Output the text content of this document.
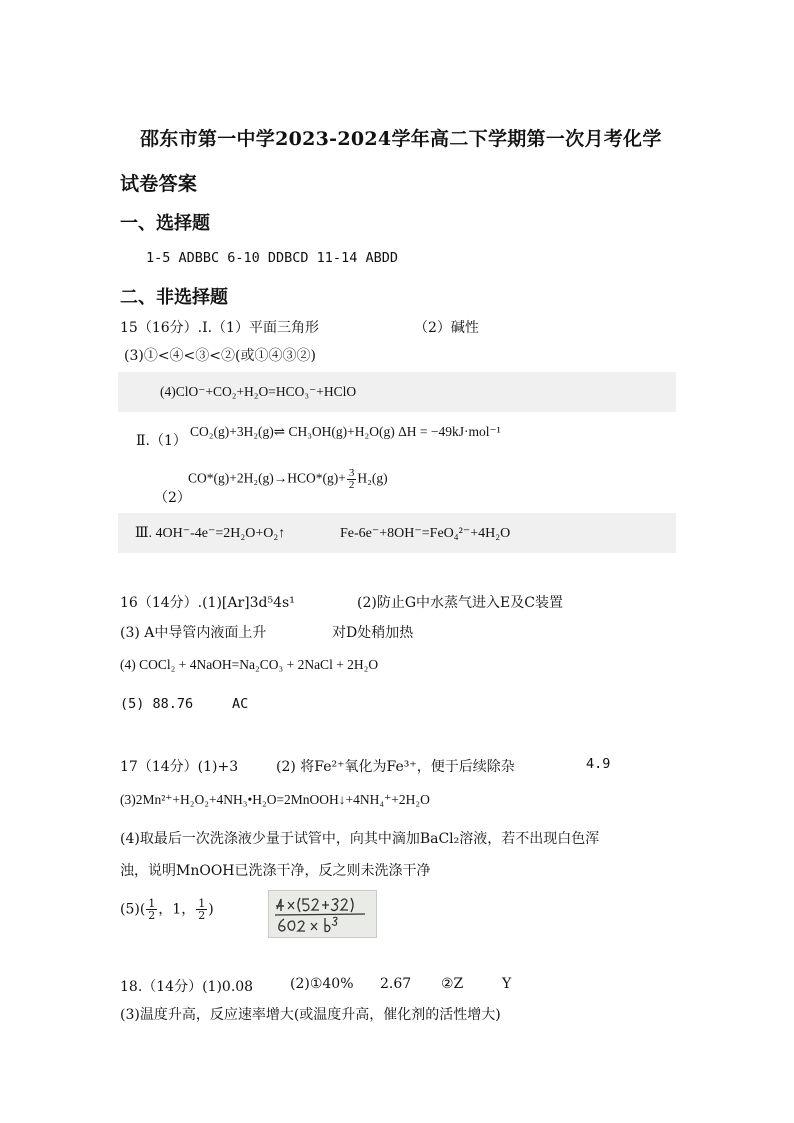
邵东市第一中学2023-2024学年高二下学期第一次月考化学
试卷答案
一、选择题
1-5 ADBBC 6-10 DDBCD 11-14 ABDD
二、非选择题
15（16分）.Ⅰ.（1）平面三角形	（2）碱性
(3)①<④<③<②(或①④③②)
(4)ClO⁻+CO₂+H₂O=HCO₃⁻+HClO
Ⅱ.（1）
CO₂(g)+3H₂(g)⇌ CH₃OH(g)+H₂O(g) ΔH = −49kJ·mol⁻¹
（2）
$CO*(g)+2H_2(g)\to HCO*(g)+ \frac{3}{2} H_2(g)$
Ⅲ. 4OH⁻-4e⁻=2H₂O+O₂↑	Fe-6e⁻+8OH⁻=FeO₄²⁻+4H₂O
16（14分）.(1)[Ar]3d⁵4s¹	(2)防止G中水蒸气进入E及C装置
(3) A中导管内液面上升	对D处稍加热
(4) COCl₂ + 4NaOH=Na₂CO₃ + 2NaCl + 2H₂O
(5) 88.76	AC
17（14分）(1)+3	(2) 将Fe²⁺氧化为Fe³⁺，便于后续除杂	4.9
(3)2Mn²⁺+H₂O₂+4NH₃•H₂O=2MnOOH↓+4NH₄⁺+2H₂O
(4)取最后一次洗涤液少量于试管中，向其中滴加BaCl₂溶液，若不出现白色浑
浊，说明MnOOH已洗涤干净，反之则未洗涤干净
$(5)( \frac{1}{2}$ ，1， $\frac{1}{2}$ )
18.（14分）(1)0.08	(2)①40% 2.67 ②Z	Y
(3)温度升高，反应速率增大(或温度升高，催化剂的活性增大)
